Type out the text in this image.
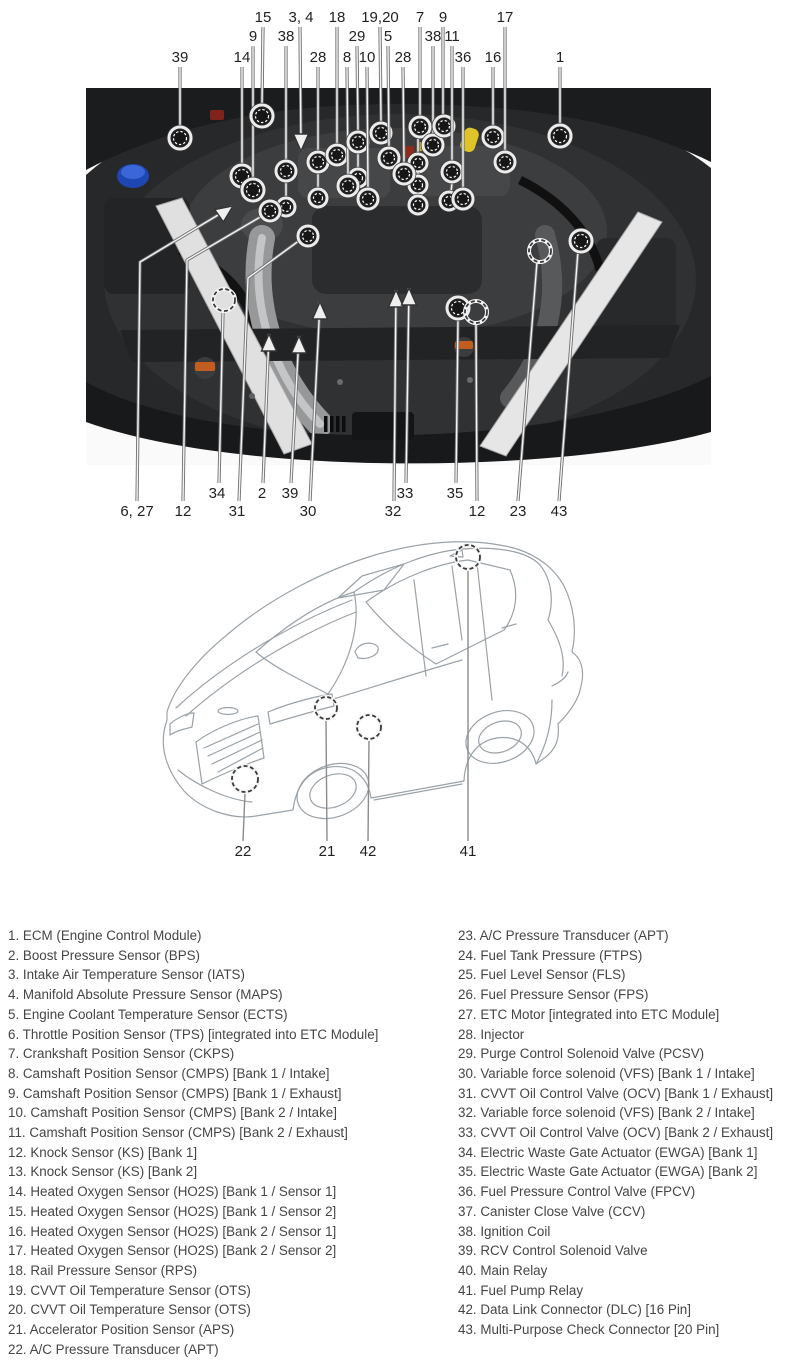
39	14
9
15
38
3, 4
28
18
8
29
10
19,20
5
28
7
38
9
11
36 16
17
1
6, 27 12
34
31
2 39
30	32
33 35
12 23 43
22	21 42	41
1. ECM (Engine Control Module)
2. Boost Pressure Sensor (BPS)
3. Intake Air Temperature Sensor (IATS)
4. Manifold Absolute Pressure Sensor (MAPS)
5. Engine Coolant Temperature Sensor (ECTS)
6. Throttle Position Sensor (TPS) [integrated into ETC Module]
7. Crankshaft Position Sensor (CKPS)
8. Camshaft Position Sensor (CMPS) [Bank 1 / Intake]
9. Camshaft Position Sensor (CMPS) [Bank 1 / Exhaust]
10. Camshaft Position Sensor (CMPS) [Bank 2 / Intake]
11. Camshaft Position Sensor (CMPS) [Bank 2 / Exhaust]
12. Knock Sensor (KS) [Bank 1]
13. Knock Sensor (KS) [Bank 2]
14. Heated Oxygen Sensor (HO2S) [Bank 1 / Sensor 1]
15. Heated Oxygen Sensor (HO2S) [Bank 1 / Sensor 2]
16. Heated Oxygen Sensor (HO2S) [Bank 2 / Sensor 1]
17. Heated Oxygen Sensor (HO2S) [Bank 2 / Sensor 2]
18. Rail Pressure Sensor (RPS)
19. CVVT Oil Temperature Sensor (OTS)
20. CVVT Oil Temperature Sensor (OTS)
21. Accelerator Position Sensor (APS)
22. A/C Pressure Transducer (APT)
23. A/C Pressure Transducer (APT)
24. Fuel Tank Pressure (FTPS)
25. Fuel Level Sensor (FLS)
26. Fuel Pressure Sensor (FPS)
27. ETC Motor [integrated into ETC Module]
28. Injector
29. Purge Control Solenoid Valve (PCSV)
30. Variable force solenoid (VFS) [Bank 1 / Intake]
31. CVVT Oil Control Valve (OCV) [Bank 1 / Exhaust]
32. Variable force solenoid (VFS) [Bank 2 / Intake]
33. CVVT Oil Control Valve (OCV) [Bank 2 / Exhaust]
34. Electric Waste Gate Actuator (EWGA) [Bank 1]
35. Electric Waste Gate Actuator (EWGA) [Bank 2]
36. Fuel Pressure Control Valve (FPCV)
37. Canister Close Valve (CCV)
38. Ignition Coil
39. RCV Control Solenoid Valve
40. Main Relay
41. Fuel Pump Relay
42. Data Link Connector (DLC) [16 Pin]
43. Multi-Purpose Check Connector [20 Pin]
